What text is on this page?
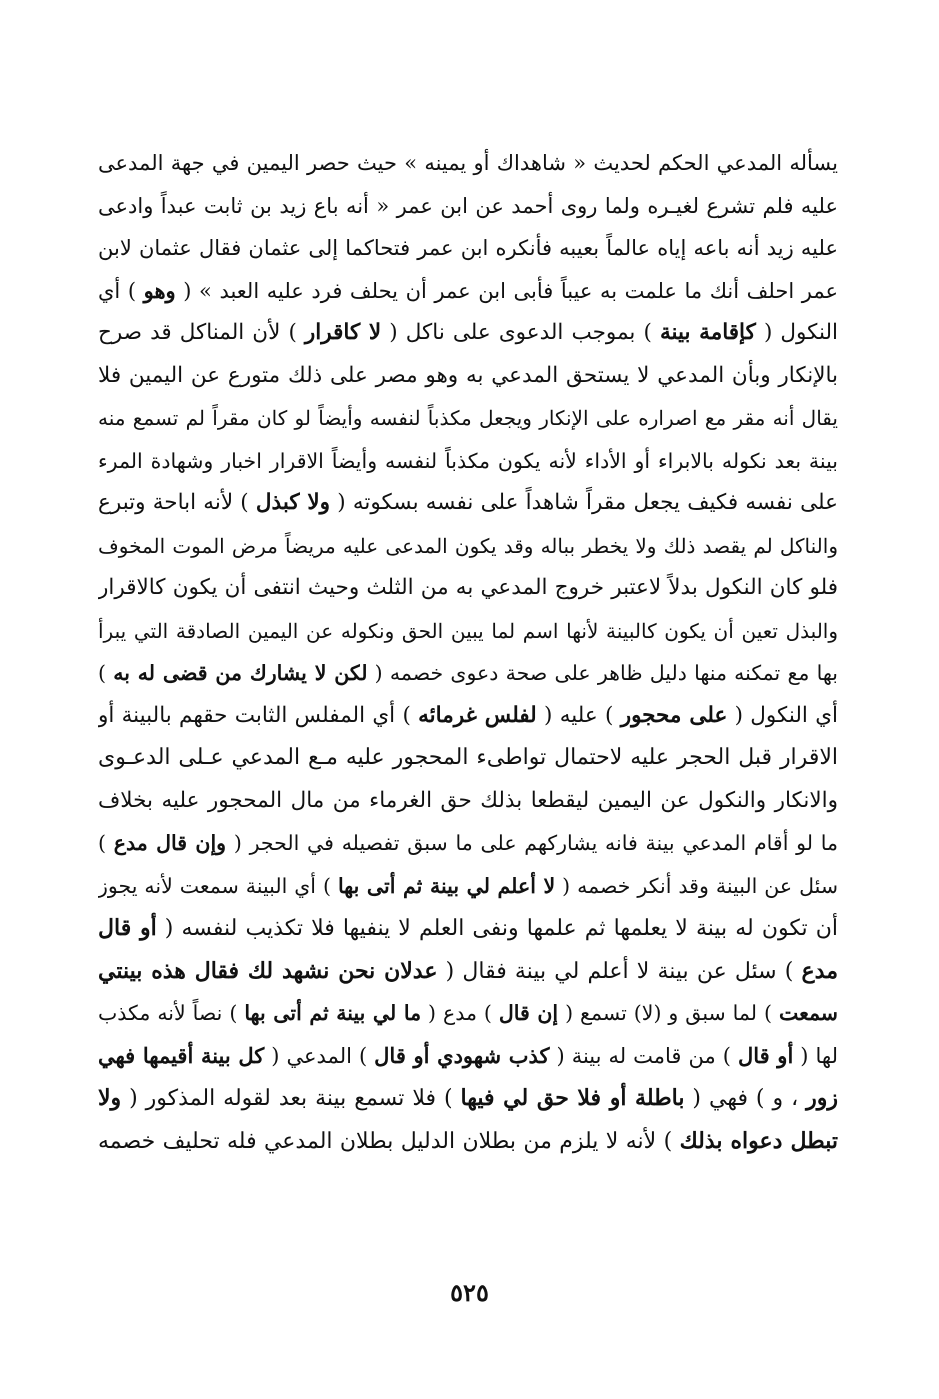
يسأله المدعي الحكم لحديث « شاهداك أو يمينه » حيث حصر اليمين في جهة المدعى
عليه فلم تشرع لغيـره ولما روى أحمد عن ابن عمر « أنه باع زيد بن ثابت عبداً وادعى
عليه زيد أنه باعه إياه عالماً بعيبه فأنكره ابن عمر فتحاكما إلى عثمان فقال عثمان لابن
عمر احلف أنك ما علمت به عيباً فأبى ابن عمر أن يحلف فرد عليه العبد » ( وهو ) أي
النكول ( كإقامة بينة ) بموجب الدعوى على ناكل ( لا كاقرار ) لأن المناكل قد صرح
بالإنكار وبأن المدعي لا يستحق المدعي به وهو مصر على ذلك متورع عن اليمين فلا
يقال أنه مقر مع اصراره على الإنكار ويجعل مكذباً لنفسه وأيضاً لو كان مقراً لم تسمع منه
بينة بعد نكوله بالابراء أو الأداء لأنه يكون مكذباً لنفسه وأيضاً الاقرار اخبار وشهادة المرء
على نفسه فكيف يجعل مقراً شاهداً على نفسه بسكوته ( ولا كبذل ) لأنه اباحة وتبرع
والناكل لم يقصد ذلك ولا يخطر بباله وقد يكون المدعى عليه مريضاً مرض الموت المخوف
فلو كان النكول بدلاً لاعتبر خروج المدعي به من الثلث وحيث انتفى أن يكون كالاقرار
والبذل تعين أن يكون كالبينة لأنها اسم لما يبين الحق ونكوله عن اليمين الصادقة التي يبرأ
بها مع تمكنه منها دليل ظاهر على صحة دعوى خصمه ( لكن لا يشارك من قضى له به )
أي النكول ( على محجور ) عليه ( لفلس غرمائه ) أي المفلس الثابت حقهم بالبينة أو
الاقرار قبل الحجر عليه لاحتمال تواطىء المحجور عليه مـع المدعي عـلى الدعـوى
والانكار والنكول عن اليمين ليقطعا بذلك حق الغرماء من مال المحجور عليه بخلاف
ما لو أقام المدعي بينة فانه يشاركهم على ما سبق تفصيله في الحجر ( وإن قال مدع )
سئل عن البينة وقد أنكر خصمه ( لا أعلم لي بينة ثم أتى بها ) أي البينة سمعت لأنه يجوز
أن تكون له بينة لا يعلمها ثم علمها ونفى العلم لا ينفيها فلا تكذيب لنفسه ( أو قال
مدع ) سئل عن بينة لا أعلم لي بينة فقال ( عدلان نحن نشهد لك فقال هذه بينتي
سمعت ) لما سبق و (لا) تسمع ( إن قال ) مدع ( ما لي بينة ثم أتى بها ) نصاً لأنه مكذب
لها ( أو قال ) من قامت له بينة ( كذب شهودي أو قال ) المدعي ( كل بينة أقيمها فهي
زور ، و ) فهي ( باطلة أو فلا حق لي فيها ) فلا تسمع بينة بعد لقوله المذكور ( ولا
تبطل دعواه بذلك ) لأنه لا يلزم من بطلان الدليل بطلان المدعي فله تحليف خصمه
٥٢٥
